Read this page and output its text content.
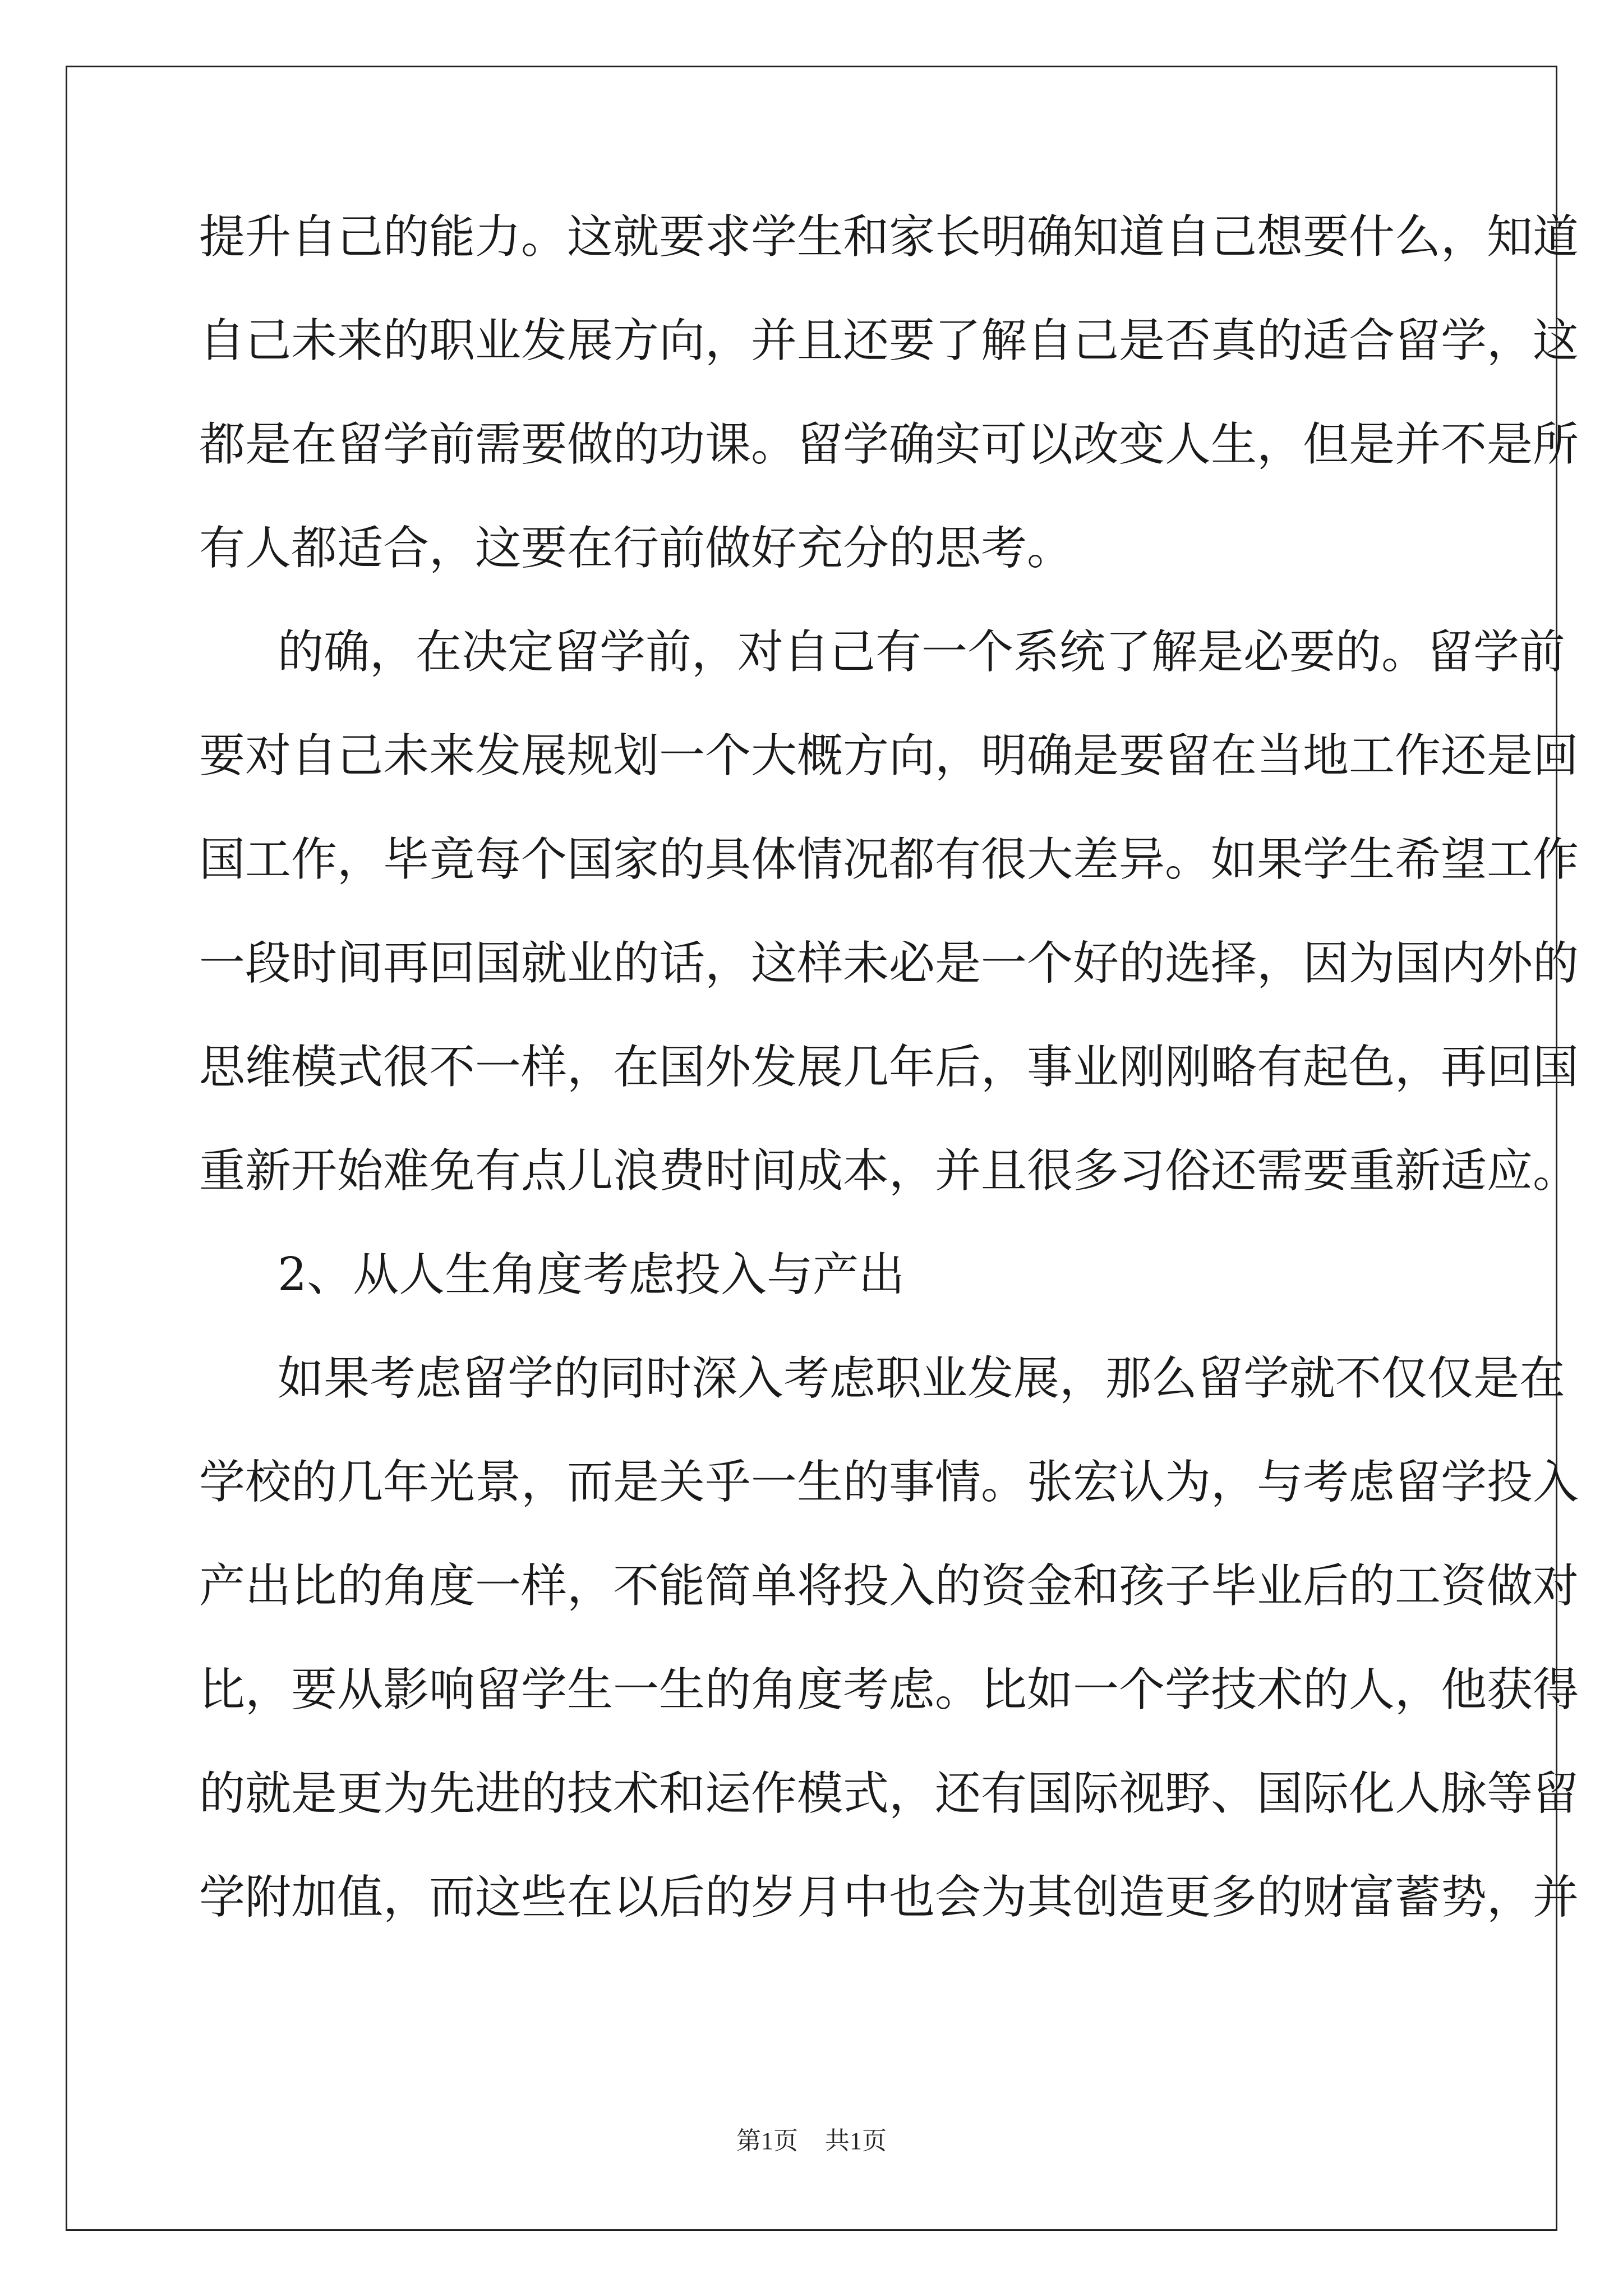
提升自己的能力。这就要求学生和家长明确知道自己想要什么，知道
自己未来的职业发展方向，并且还要了解自己是否真的适合留学，这
都是在留学前需要做的功课。留学确实可以改变人生，但是并不是所
有人都适合，这要在行前做好充分的思考。
的确，在决定留学前，对自己有一个系统了解是必要的。留学前
要对自己未来发展规划一个大概方向，明确是要留在当地工作还是回
国工作，毕竟每个国家的具体情况都有很大差异。如果学生希望工作
一段时间再回国就业的话，这样未必是一个好的选择，因为国内外的
思维模式很不一样，在国外发展几年后，事业刚刚略有起色，再回国
重新开始难免有点儿浪费时间成本，并且很多习俗还需要重新适应。
2、从人生角度考虑投入与产出
如果考虑留学的同时深入考虑职业发展，那么留学就不仅仅是在
学校的几年光景，而是关乎一生的事情。张宏认为，与考虑留学投入
产出比的角度一样，不能简单将投入的资金和孩子毕业后的工资做对
比，要从影响留学生一生的角度考虑。比如一个学技术的人，他获得
的就是更为先进的技术和运作模式，还有国际视野、国际化人脉等留
学附加值，而这些在以后的岁月中也会为其创造更多的财富蓄势，并
第1页 共1页
